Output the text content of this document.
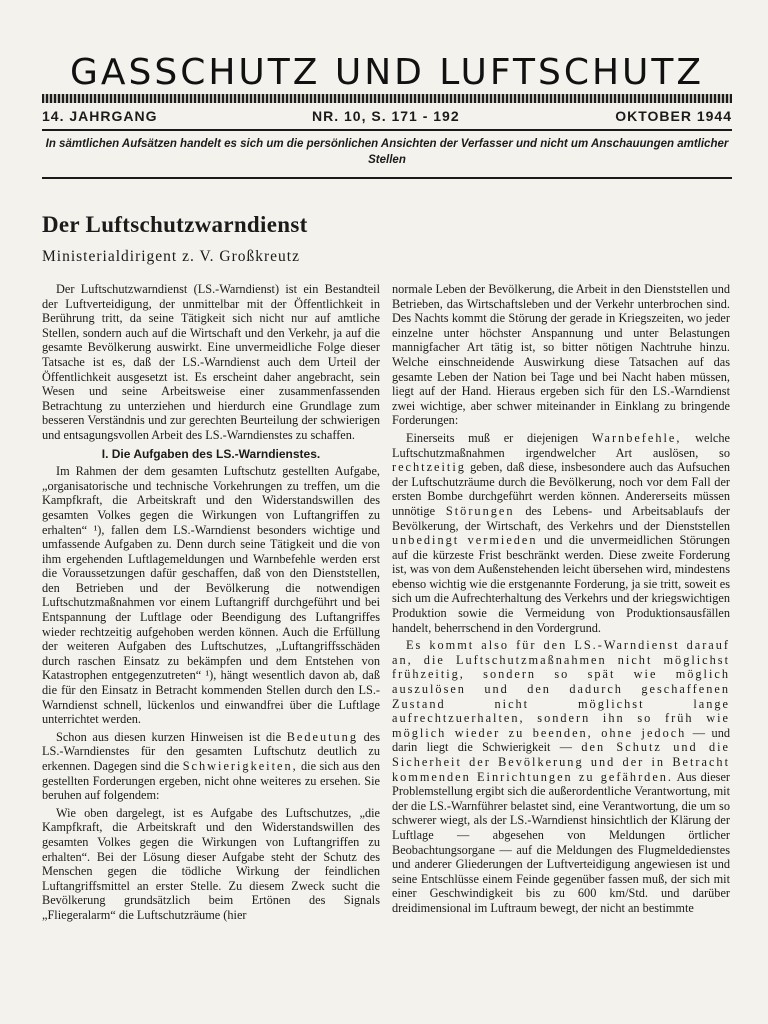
GASSCHUTZ UND LUFTSCHUTZ
14. JAHRGANG	NR. 10, S. 171 - 192	OKTOBER 1944
In sämtlichen Aufsätzen handelt es sich um die persönlichen Ansichten der Verfasser und nicht um Anschauungen amtlicher Stellen
Der Luftschutzwarndienst
Ministerialdirigent z. V. Großkreutz

Der Luftschutzwarndienst (LS.-Warndienst) ist ein Bestandteil der Luftverteidigung, der unmittelbar mit der Öffentlichkeit in Berührung tritt, da seine Tätigkeit sich nicht nur auf amtliche Stellen, sondern auch auf die Wirtschaft und den Verkehr, ja auf die gesamte Bevölkerung auswirkt. Eine unvermeidliche Folge dieser Tatsache ist es, daß der LS.-Warndienst auch dem Urteil der Öffentlichkeit ausgesetzt ist. Es erscheint daher angebracht, sein Wesen und seine Arbeitsweise einer zusammenfassenden Betrachtung zu unterziehen und hierdurch eine Grundlage zum besseren Verständnis und zur gerechten Beurteilung der schwierigen und entsagungsvollen Arbeit des LS.-Warndienstes zu schaffen.

I. Die Aufgaben des LS.-Warndienstes.

Im Rahmen der dem gesamten Luftschutz gestellten Aufgabe, „organisatorische und technische Vorkehrungen zu treffen, um die Kampfkraft, die Arbeitskraft und den Widerstandswillen des gesamten Volkes gegen die Wirkungen von Luftangriffen zu erhalten“ ¹), fallen dem LS.-Warndienst besonders wichtige und umfassende Aufgaben zu. Denn durch seine Tätigkeit und die von ihm ergehenden Luftlagemeldungen und Warnbefehle werden erst die Voraussetzungen dafür geschaffen, daß von den Dienststellen, den Betrieben und der Bevölkerung die notwendigen Luftschutzmaßnahmen vor einem Luftangriff durchgeführt und bei Entspannung der Luftlage oder Beendigung des Luftangriffes wieder rechtzeitig aufgehoben werden können. Auch die Erfüllung der weiteren Aufgaben des Luftschutzes, „Luftangriffsschäden durch raschen Einsatz zu bekämpfen und dem Entstehen von Katastrophen entgegenzutreten“ ¹), hängt wesentlich davon ab, daß die für den Einsatz in Betracht kommenden Stellen durch den LS.-Warndienst schnell, lückenlos und einwandfrei über die Luftlage unterrichtet werden.

Schon aus diesen kurzen Hinweisen ist die Bedeutung des LS.-Warndienstes für den gesamten Luftschutz deutlich zu erkennen. Dagegen sind die Schwierigkeiten, die sich aus den gestellten Forderungen ergeben, nicht ohne weiteres zu ersehen. Sie beruhen auf folgendem:

Wie oben dargelegt, ist es Aufgabe des Luftschutzes, „die Kampfkraft, die Arbeitskraft und den Widerstandswillen des gesamten Volkes gegen die Wirkungen von Luftangriffen zu erhalten“. Bei der Lösung dieser Aufgabe steht der Schutz des Menschen gegen die tödliche Wirkung der feindlichen Luftangriffsmittel an erster Stelle. Zu diesem Zweck sucht die Bevölkerung grundsätzlich beim Ertönen des Signals „Fliegeralarm“ die Luftschutzräume (hier

normale Leben der Bevölkerung, die Arbeit in den Dienststellen und Betrieben, das Wirtschaftsleben und der Verkehr unterbrochen sind. Des Nachts kommt die Störung der gerade in Kriegszeiten, wo jeder einzelne unter höchster Anspannung und unter Belastungen mannigfacher Art tätig ist, so bitter nötigen Nachtruhe hinzu. Welche einschneidende Auswirkung diese Tatsachen auf das gesamte Leben der Nation bei Tage und bei Nacht haben müssen, liegt auf der Hand. Hieraus ergeben sich für den LS.-Warndienst zwei wichtige, aber schwer miteinander in Einklang zu bringende Forderungen:

Einerseits muß er diejenigen Warnbefehle, welche Luftschutzmaßnahmen irgendwelcher Art auslösen, so rechtzeitig geben, daß diese, insbesondere auch das Aufsuchen der Luftschutzräume durch die Bevölkerung, noch vor dem Fall der ersten Bombe durchgeführt werden können. Andererseits müssen unnötige Störungen des Lebens- und Arbeitsablaufs der Bevölkerung, der Wirtschaft, des Verkehrs und der Dienststellen unbedingt vermieden und die unvermeidlichen Störungen auf die kürzeste Frist beschränkt werden. Diese zweite Forderung ist, was von dem Außenstehenden leicht übersehen wird, mindestens ebenso wichtig wie die erstgenannte Forderung, ja sie tritt, soweit es sich um die Aufrechterhaltung des Verkehrs und der kriegswichtigen Produktion sowie die Vermeidung von Produktionsausfällen handelt, beherrschend in den Vordergrund.

Es kommt also für den LS.-Warndienst darauf an, die Luftschutzmaßnahmen nicht möglichst frühzeitig, sondern so spät wie möglich auszulösen und den dadurch geschaffenen Zustand nicht möglichst lange aufrechtzuerhalten, sondern ihn so früh wie möglich wieder zu beenden, ohne jedoch — und darin liegt die Schwierigkeit — den Schutz und die Sicherheit der Bevölkerung und der in Betracht kommenden Einrichtungen zu gefährden. Aus dieser Problemstellung ergibt sich die außerordentliche Verantwortung, mit der die LS.-Warnführer belastet sind, eine Verantwortung, die um so schwerer wiegt, als der LS.-Warndienst hinsichtlich der Klärung der Luftlage — abgesehen von Meldungen örtlicher Beobachtungsorgane — auf die Meldungen des Flugmeldedienstes und anderer Gliederungen der Luftverteidigung angewiesen ist und seine Entschlüsse einem Feinde gegenüber fassen muß, der sich mit einer Geschwindigkeit bis zu 600 km/Std. und darüber dreidimensional im Luftraum bewegt, der nicht an bestimmte
